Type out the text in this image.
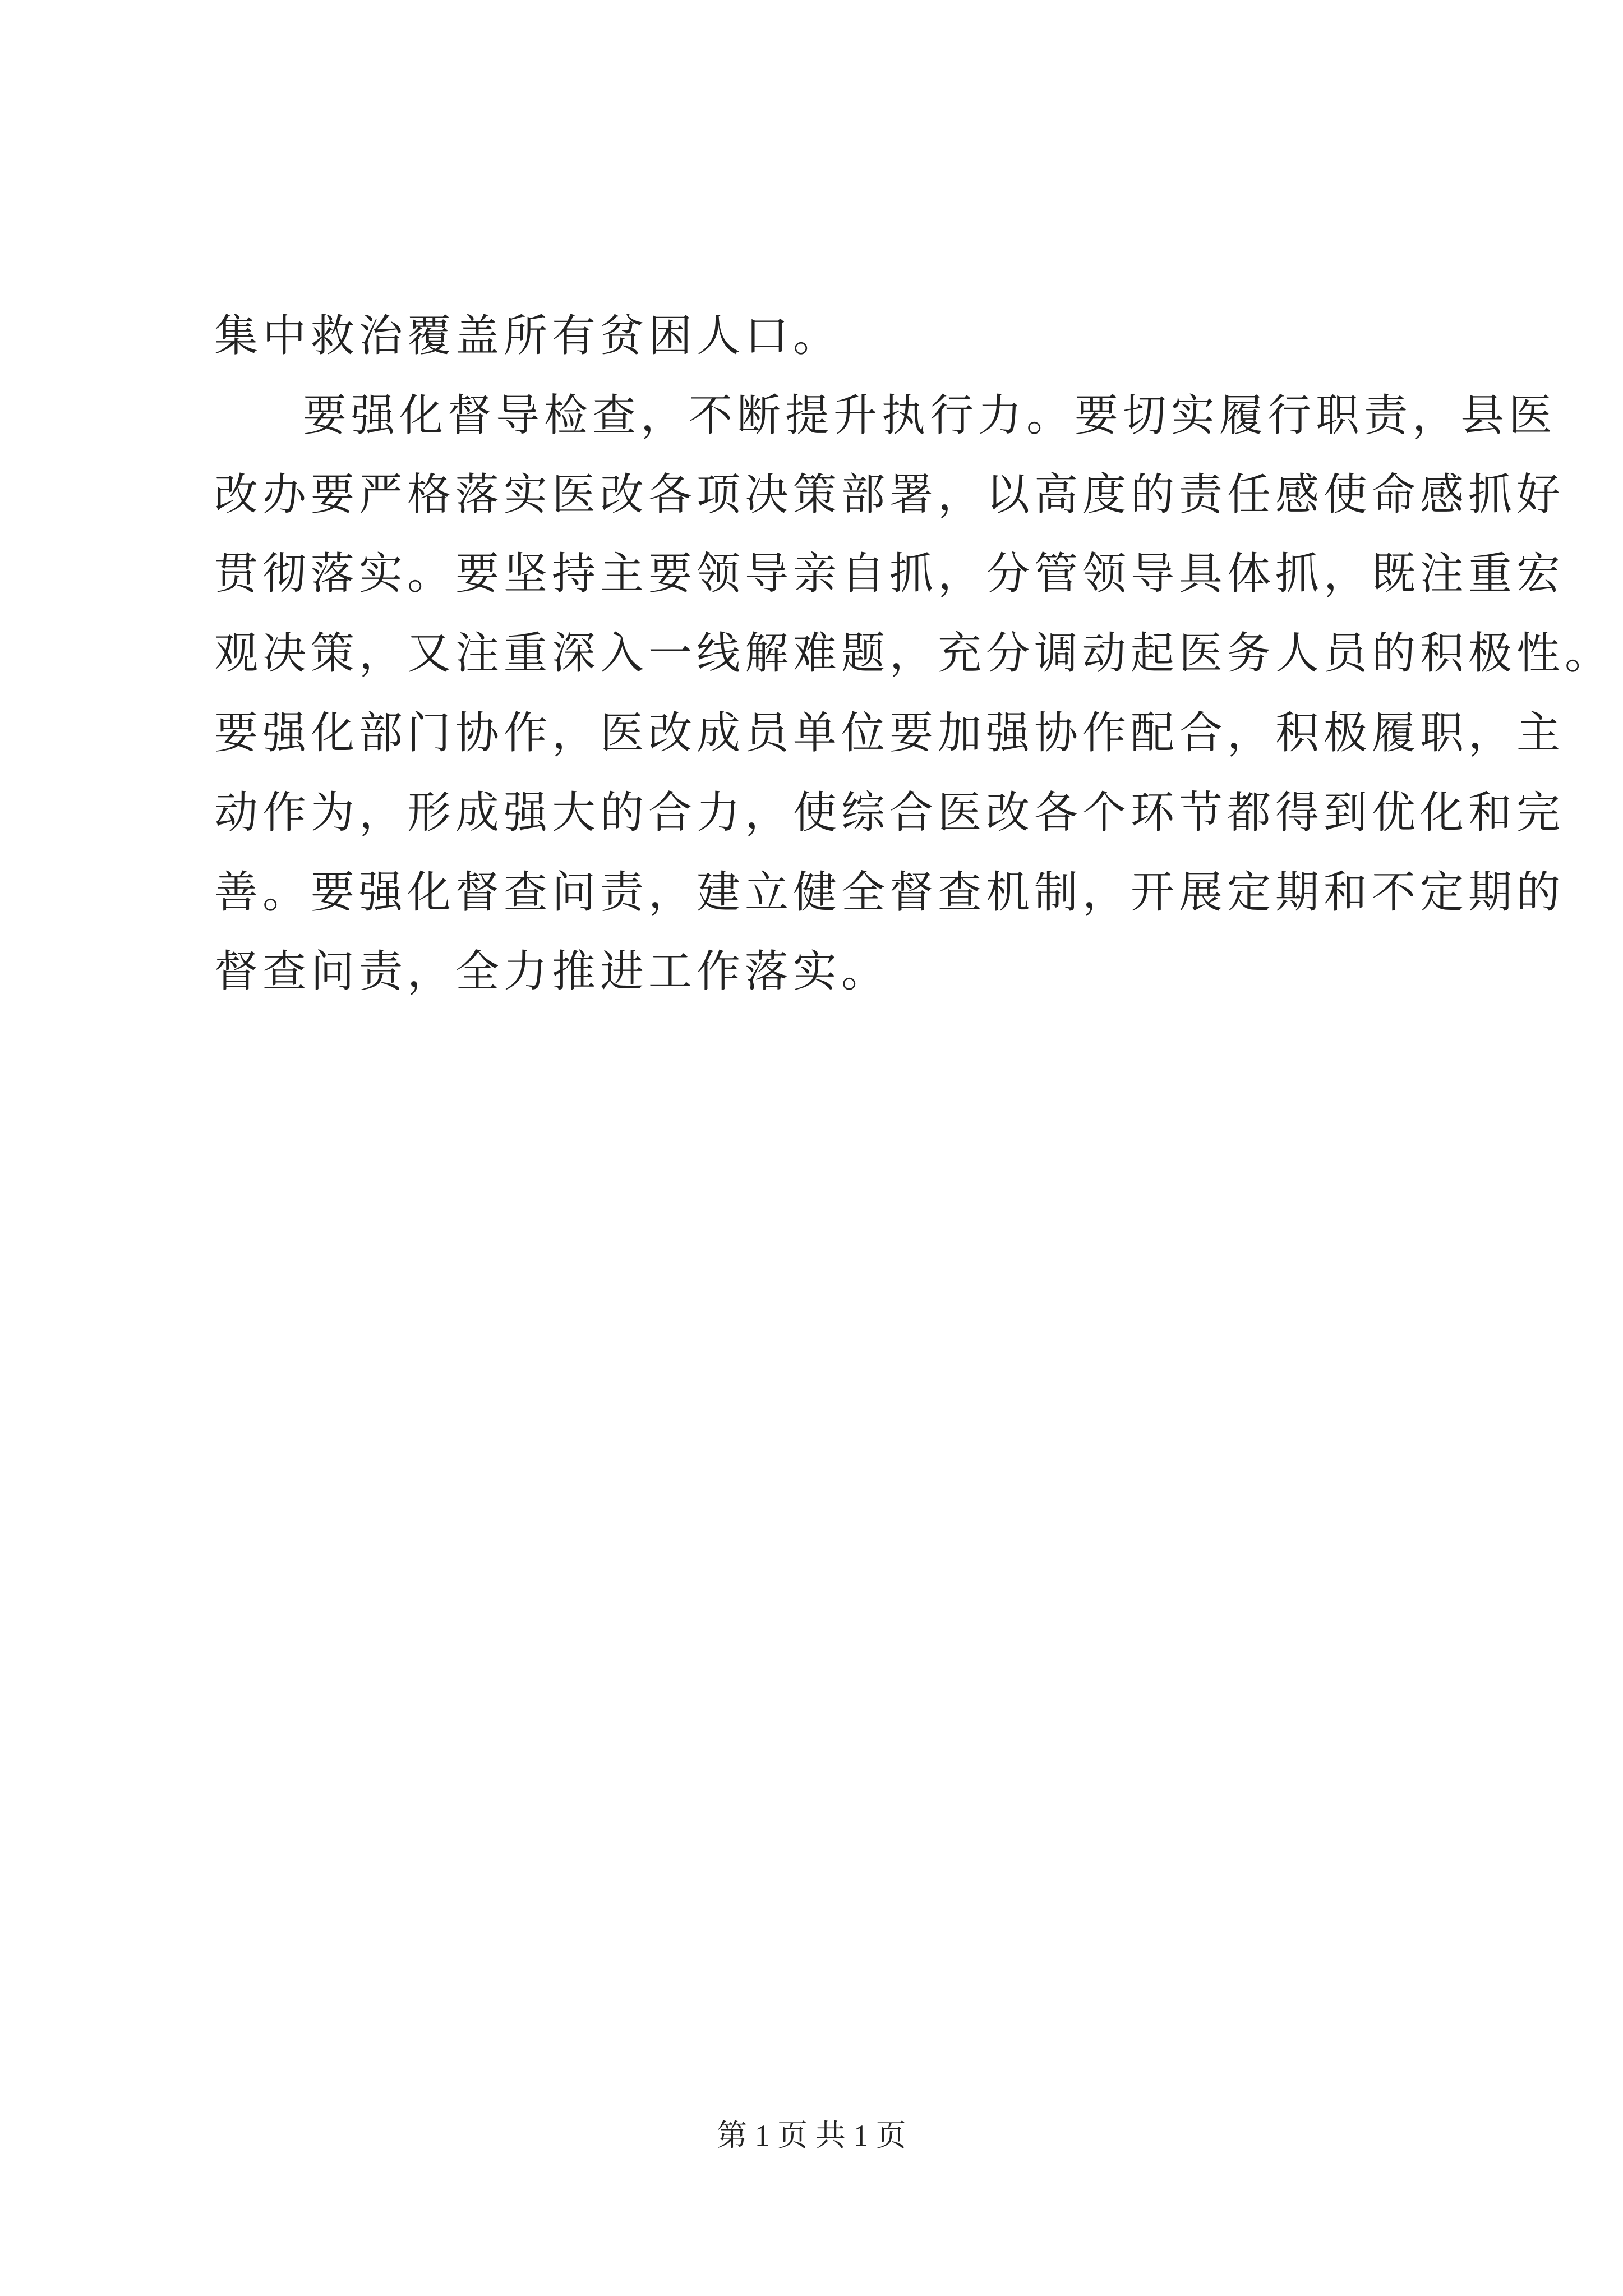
集中救治覆盖所有贫困人口。
要强化督导检查，不断提升执行力。要切实履行职责，县医
改办要严格落实医改各项决策部署，以高度的责任感使命感抓好
贯彻落实。要坚持主要领导亲自抓，分管领导具体抓，既注重宏
观决策，又注重深入一线解难题，充分调动起医务人员的积极性。
要强化部门协作，医改成员单位要加强协作配合，积极履职，主
动作为，形成强大的合力，使综合医改各个环节都得到优化和完
善。要强化督查问责，建立健全督查机制，开展定期和不定期的
督查问责，全力推进工作落实。
第 1 页 共 1 页
